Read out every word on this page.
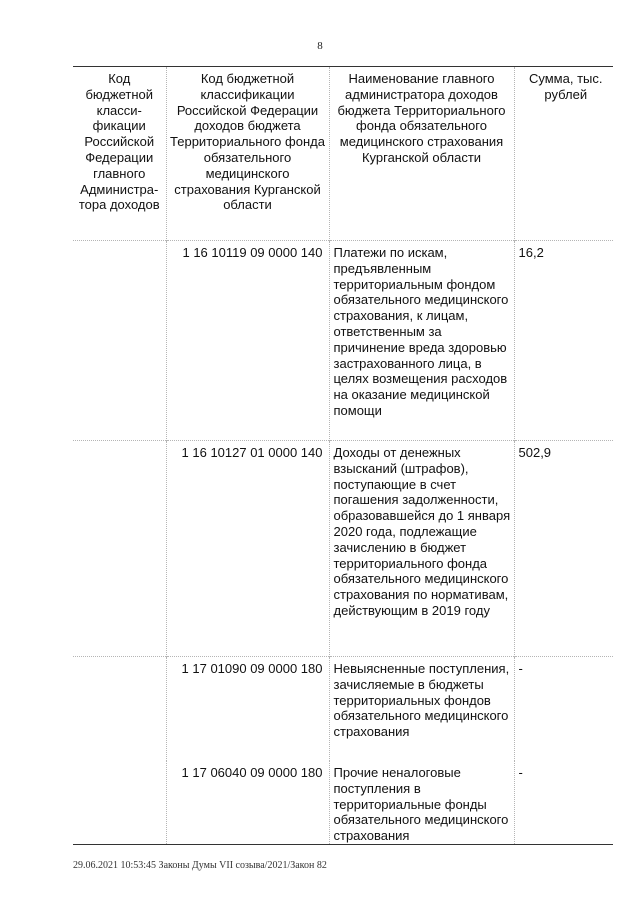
8
Код бюджетной класси-фикации Российской Федерации главного Администра-тора доходов	Код бюджетной классификации Российской Федерации доходов бюджета Территориального фонда обязательного медицинского страхования Курганской области	Наименование главного администратора доходов бюджета Территориального фонда обязательного медицинского страхования Курганской области	Сумма, тыс. рублей
	1 16 10119 09 0000 140	Платежи по искам, предъявленным территориальным фондом обязательного медицинского страхования, к лицам, ответственным за причинение вреда здоровью застрахованного лица, в целях возмещения расходов на оказание медицинской помощи	16,2
	1 16 10127 01 0000 140	Доходы от денежных взысканий (штрафов), поступающие в счет погашения задолженности, образовавшейся до 1 января 2020 года, подлежащие зачислению в бюджет территориального фонда обязательного медицинского страхования по нормативам, действующим в 2019 году	502,9
	1 17 01090 09 0000 180	Невыясненные поступления, зачисляемые в бюджеты территориальных фондов обязательного медицинского страхования	-
	1 17 06040 09 0000 180	Прочие неналоговые поступления в территориальные фонды обязательного медицинского страхования	-
29.06.2021 10:53:45 Законы Думы VII созыва/2021/Закон 82
